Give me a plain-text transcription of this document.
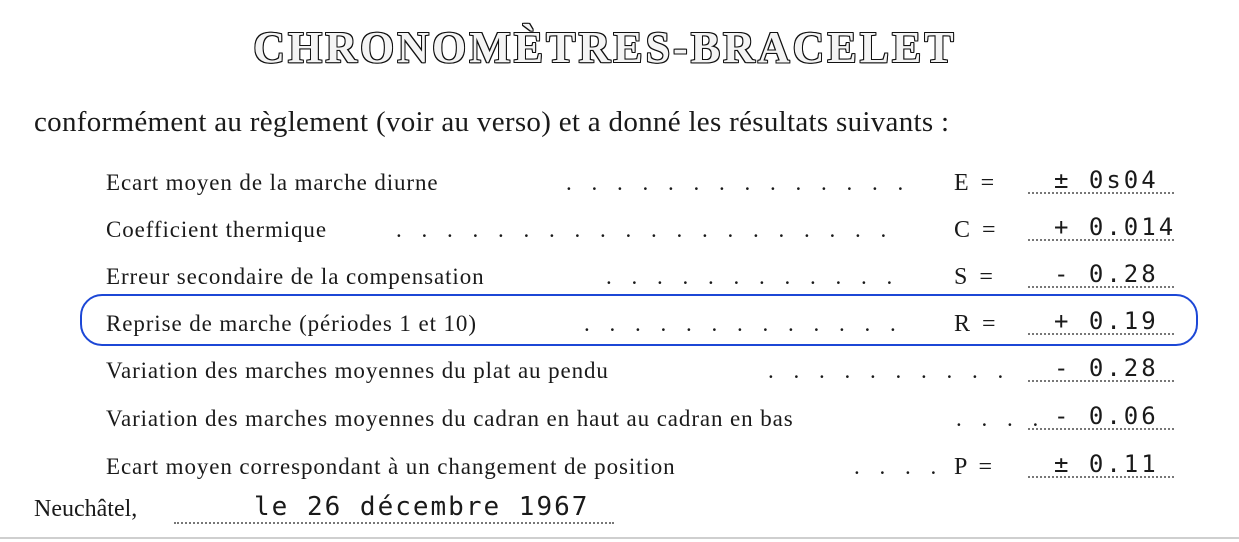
CHRONOMÈTRES-BRACELET
conformément au règlement (voir au verso) et a donné les résultats suivants :
Ecart moyen de la marche diurne	. . . . . . . . . . . . . .	E =	± 0s04
Coefficient thermique	. . . . . . . . . . . . . . . . . . . .	C =	+ 0.014
Erreur secondaire de la compensation	. . . . . . . . . . . .	S =	- 0.28
Reprise de marche (périodes 1 et 10)	. . . . . . . . . . . . .	R =	+ 0.19
Variation des marches moyennes du plat au pendu	. . . . . . . . . .	- 0.28
Variation des marches moyennes du cadran en haut au cadran en bas	. . . . - 0.06
Ecart moyen correspondant à un changement de position	. . . . P =	± 0.11
Neuchâtel,	le 26 décembre 1967
